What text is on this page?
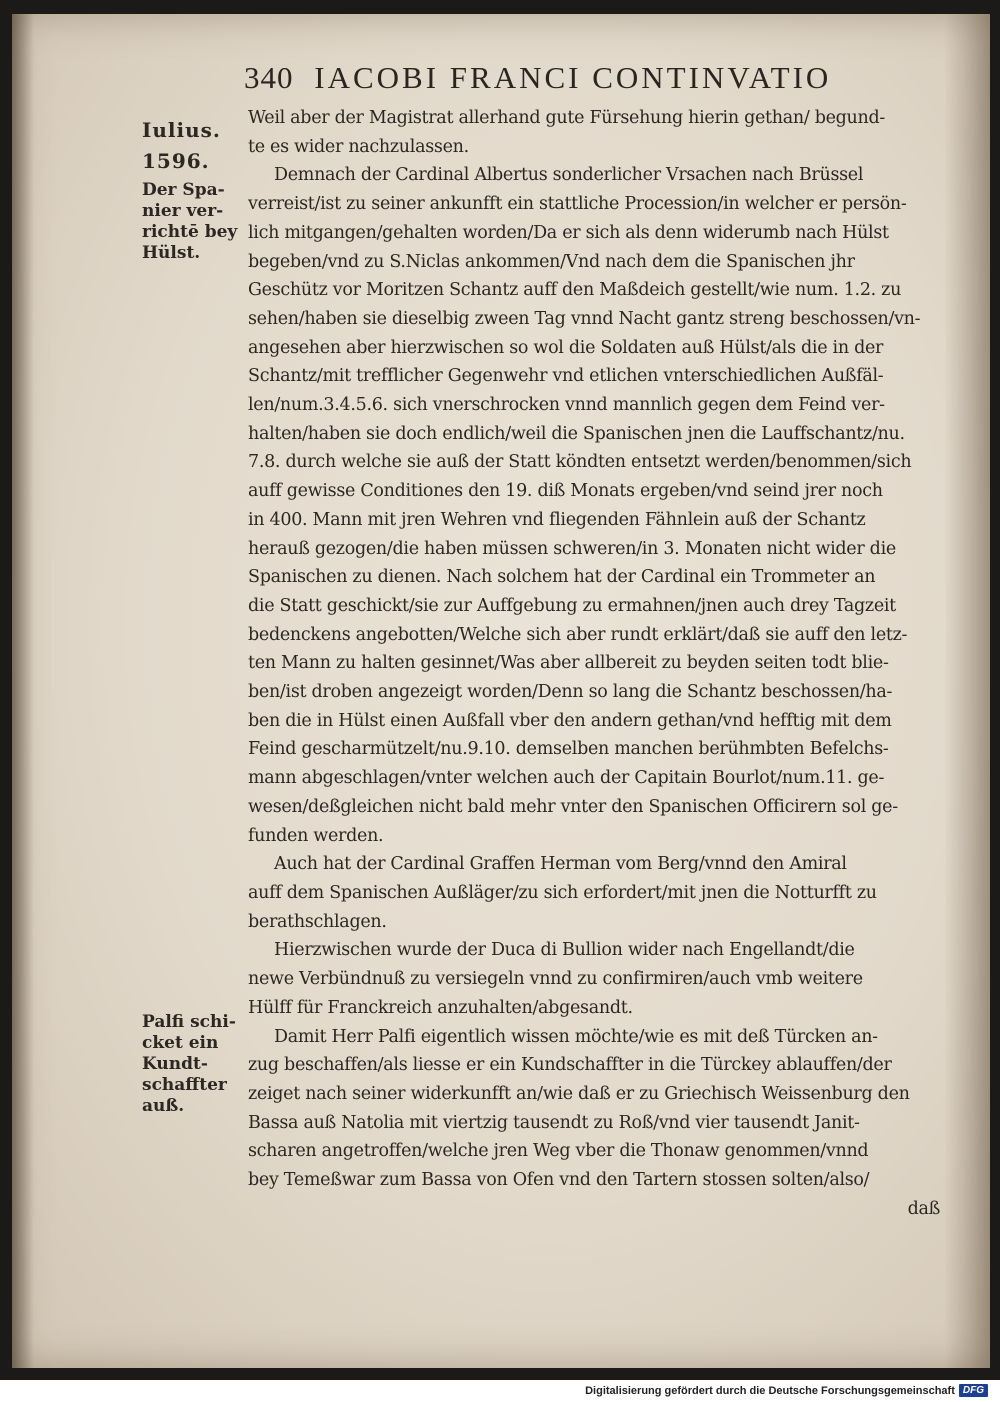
340 IACOBI FRANCI CONTINVATIO
Iulius.
1596.
Der Spa-
nier ver-
richtē bey
Hülst.
Palfi schi-
cket ein
Kundt-
schaffter
auß.
Weil aber der Magistrat allerhand gute Fürsehung hierin gethan/ begund-
te es wider nachzulassen.
Demnach der Cardinal Albertus sonderlicher Vrsachen nach Brüssel
verreist/ist zu seiner ankunfft ein stattliche Procession/in welcher er persön-
lich mitgangen/gehalten worden/Da er sich als denn widerumb nach Hülst
begeben/vnd zu S.Niclas ankommen/Vnd nach dem die Spanischen jhr
Geschütz vor Moritzen Schantz auff den Maßdeich gestellt/wie num. 1.2. zu
sehen/haben sie dieselbig zween Tag vnnd Nacht gantz streng beschossen/vn-
angesehen aber hierzwischen so wol die Soldaten auß Hülst/als die in der
Schantz/mit trefflicher Gegenwehr vnd etlichen vnterschiedlichen Außfäl-
len/num.3.4.5.6. sich vnerschrocken vnnd mannlich gegen dem Feind ver-
halten/haben sie doch endlich/weil die Spanischen jnen die Lauffschantz/nu.
7.8. durch welche sie auß der Statt köndten entsetzt werden/benommen/sich
auff gewisse Conditiones den 19. diß Monats ergeben/vnd seind jrer noch
in 400. Mann mit jren Wehren vnd fliegenden Fähnlein auß der Schantz
herauß gezogen/die haben müssen schweren/in 3. Monaten nicht wider die
Spanischen zu dienen. Nach solchem hat der Cardinal ein Trommeter an
die Statt geschickt/sie zur Auffgebung zu ermahnen/jnen auch drey Tagzeit
bedenckens angebotten/Welche sich aber rundt erklärt/daß sie auff den letz-
ten Mann zu halten gesinnet/Was aber allbereit zu beyden seiten todt blie-
ben/ist droben angezeigt worden/Denn so lang die Schantz beschossen/ha-
ben die in Hülst einen Außfall vber den andern gethan/vnd hefftig mit dem
Feind gescharmützelt/nu.9.10. demselben manchen berühmbten Befelchs-
mann abgeschlagen/vnter welchen auch der Capitain Bourlot/num.11. ge-
wesen/deßgleichen nicht bald mehr vnter den Spanischen Officirern sol ge-
funden werden.
Auch hat der Cardinal Graffen Herman vom Berg/vnnd den Amiral
auff dem Spanischen Außläger/zu sich erfordert/mit jnen die Notturfft zu
berathschlagen.
Hierzwischen wurde der Duca di Bullion wider nach Engellandt/die
newe Verbündnuß zu versiegeln vnnd zu confirmiren/auch vmb weitere
Hülff für Franckreich anzuhalten/abgesandt.
Damit Herr Palfi eigentlich wissen möchte/wie es mit deß Türcken an-
zug beschaffen/als liesse er ein Kundschaffter in die Türckey ablauffen/der
zeiget nach seiner widerkunfft an/wie daß er zu Griechisch Weissenburg den
Bassa auß Natolia mit viertzig tausendt zu Roß/vnd vier tausendt Janit-
scharen angetroffen/welche jren Weg vber die Thonaw genommen/vnnd
bey Temeßwar zum Bassa von Ofen vnd den Tartern stossen solten/also/
daß
Digitalisierung gefördert durch die Deutsche Forschungsgemeinschaft DFG
